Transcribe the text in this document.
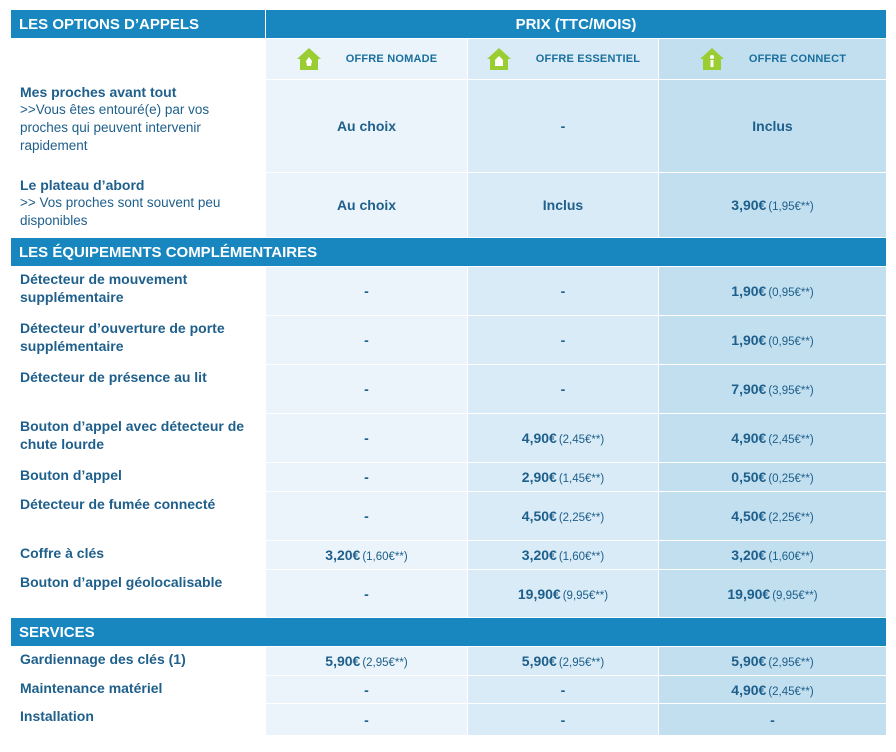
LES OPTIONS D’APPELS	PRIX (TTC/MOIS)		

	OFFRE NOMADE	OFFRE ESSENTIEL	OFFRE CONNECT

Mes proches avant tout
>>Vous êtes entouré(e) par vos proches qui peuvent intervenir rapidement	Au choix	-	Inclus
Le plateau d’abord
>> Vos proches sont souvent peu disponibles	Au choix	Inclus	3,90€ (1,95€**)
LES ÉQUIPEMENTS COMPLÉMENTAIRES			
Détecteur de mouvement supplémentaire	-	-	1,90€ (0,95€**)
Détecteur d’ouverture de porte supplémentaire	-	-	1,90€ (0,95€**)
Détecteur de présence au lit	-	-	7,90€ (3,95€**)
Bouton d’appel avec détecteur de chute lourde	-	4,90€ (2,45€**)	4,90€ (2,45€**)
Bouton d’appel	-	2,90€ (1,45€**)	0,50€ (0,25€**)
Détecteur de fumée connecté	-	4,50€ (2,25€**)	4,50€ (2,25€**)
Coffre à clés	3,20€ (1,60€**)	3,20€ (1,60€**)	3,20€ (1,60€**)
Bouton d’appel géolocalisable	-	19,90€ (9,95€**)	19,90€ (9,95€**)
SERVICES			
Gardiennage des clés (1)	5,90€ (2,95€**)	5,90€ (2,95€**)	5,90€ (2,95€**)
Maintenance matériel	-	-	4,90€ (2,45€**)
Installation	-	-	-
